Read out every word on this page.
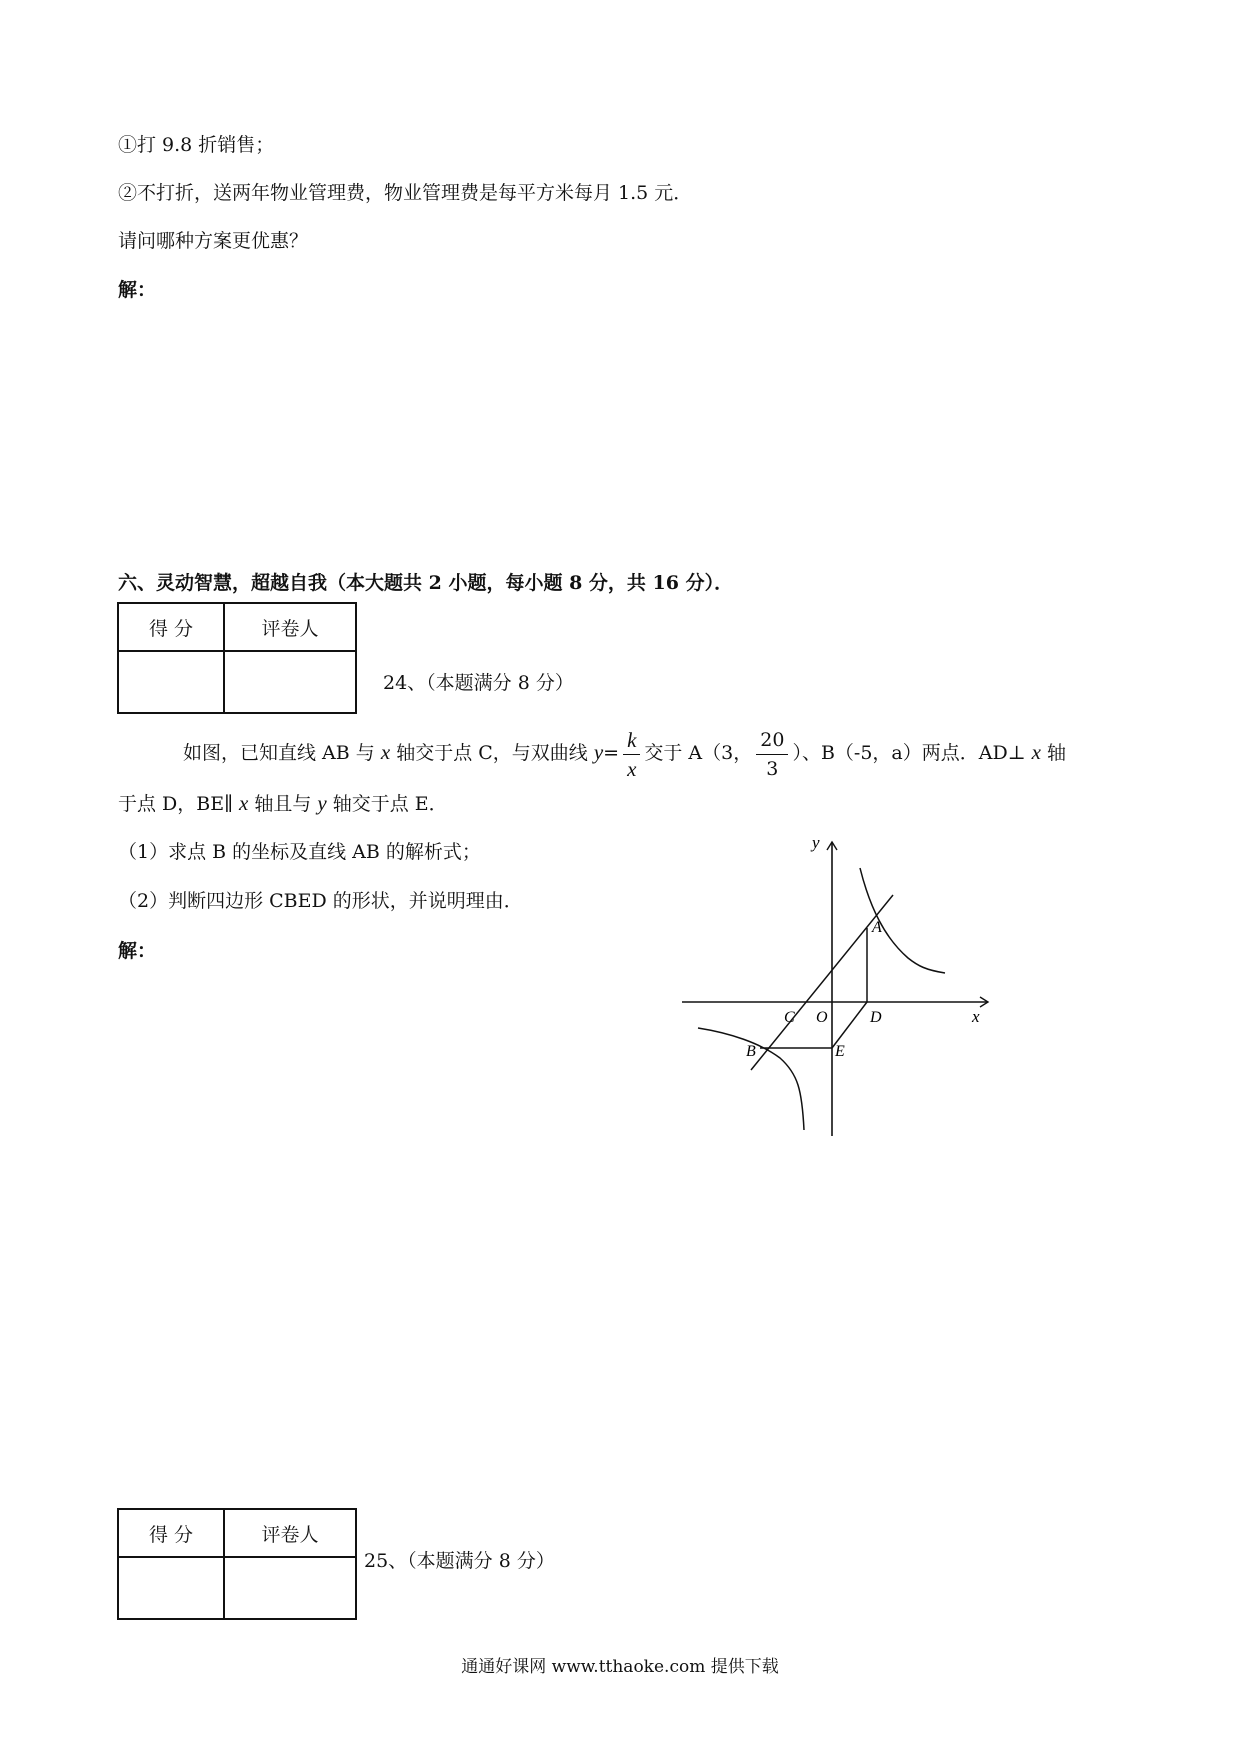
①打 9.8 折销售；
②不打折，送两年物业管理费，物业管理费是每平方米每月 1.5 元．
请问哪种方案更优惠？
解：
六、灵动智慧，超越自我（本大题共 2 小题，每小题 8 分，共 16 分）．
得 分	评卷人

24、（本题满分 8 分）
如图，已知直线 AB 与 x 轴交于点 C，与双曲线 $y= \frac{k}{x}$ 交于 A（3， $\frac{20}{3}$ ）、B（-5，a）两点．AD⊥ x 轴
于点 D，BE∥ x 轴且与 y 轴交于点 E．
（1）求点 B 的坐标及直线 AB 的解析式；
（2）判断四边形 CBED 的形状，并说明理由．
解：
y
x
A
B
C O	D
E
得 分	评卷人

25、（本题满分 8 分）
通通好课网 www.tthaoke.com 提供下载
